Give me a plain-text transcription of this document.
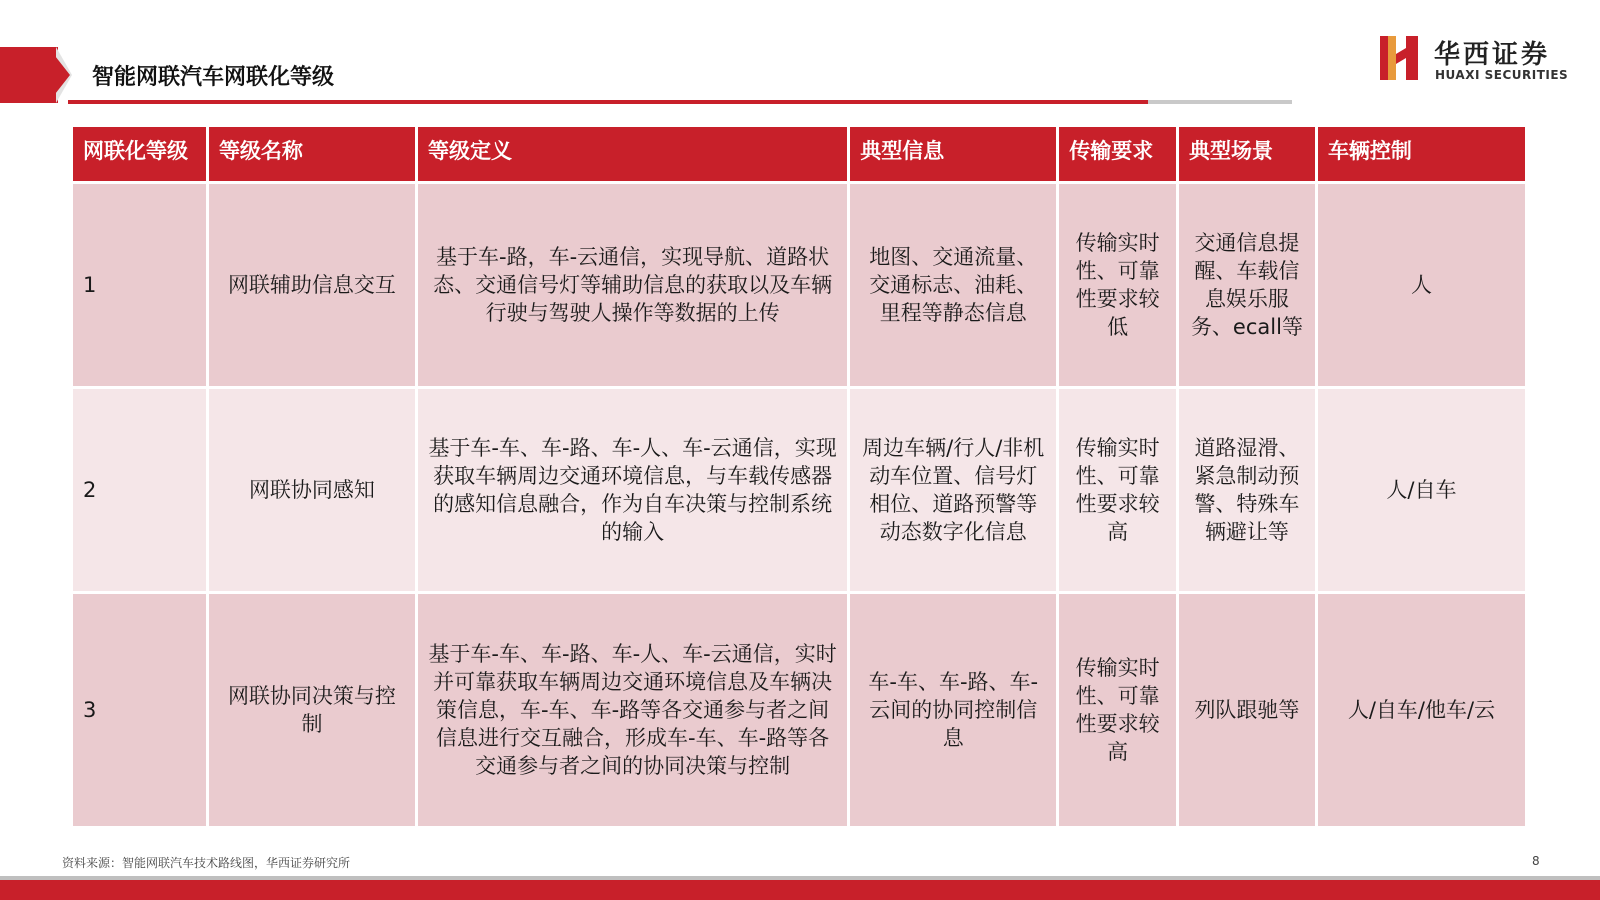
智能网联汽车网联化等级
华西证券
HUAXI SECURITIES
网联化等级	等级名称	等级定义	典型信息	传输要求	典型场景	车辆控制
1	网联辅助信息交互	基于车-路，车-云通信，实现导航、道路状态、交通信号灯等辅助信息的获取以及车辆行驶与驾驶人操作等数据的上传	地图、交通流量、交通标志、油耗、里程等静态信息	传输实时性、可靠性要求较低	交通信息提醒、车载信息娱乐服务、ecall等	人
2	网联协同感知	基于车-车、车-路、车-人、车-云通信，实现获取车辆周边交通环境信息，与车载传感器的感知信息融合，作为自车决策与控制系统的输入	周边车辆/行人/非机动车位置、信号灯相位、道路预警等动态数字化信息	传输实时性、可靠性要求较高	道路湿滑、紧急制动预警、特殊车辆避让等	人/自车
3	网联协同决策与控制	基于车-车、车-路、车-人、车-云通信，实时并可靠获取车辆周边交通环境信息及车辆决策信息，车-车、车-路等各交通参与者之间信息进行交互融合，形成车-车、车-路等各交通参与者之间的协同决策与控制	车-车、车-路、车-云间的协同控制信息	传输实时性、可靠性要求较高	列队跟驰等	人/自车/他车/云
资料来源：智能网联汽车技术路线图，华西证券研究所	8
